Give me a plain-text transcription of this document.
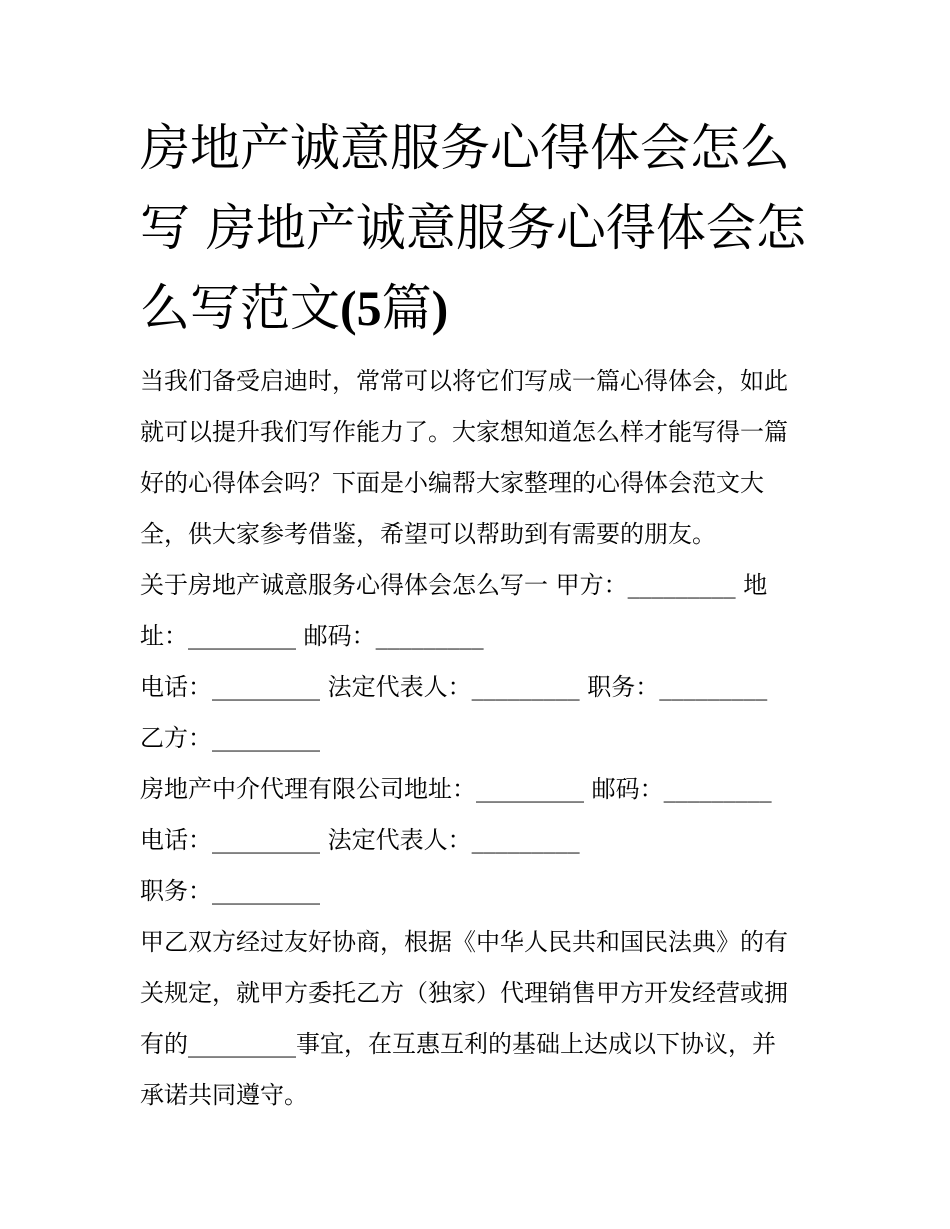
房地产诚意服务心得体会怎么
写 房地产诚意服务心得体会怎
么写范文(5篇)
当我们备受启迪时，常常可以将它们写成一篇心得体会，如此
就可以提升我们写作能力了。大家想知道怎么样才能写得一篇
好的心得体会吗？下面是小编帮大家整理的心得体会范文大
全，供大家参考借鉴，希望可以帮助到有需要的朋友。
关于房地产诚意服务心得体会怎么写一 甲方：_________ 地
址：_________ 邮码：_________
电话：_________ 法定代表人：_________ 职务：_________
乙方：_________
房地产中介代理有限公司地址：_________ 邮码：_________
电话：_________ 法定代表人：_________
职务：_________
甲乙双方经过友好协商，根据《中华人民共和国民法典》的有
关规定，就甲方委托乙方（独家）代理销售甲方开发经营或拥
有的_________事宜，在互惠互利的基础上达成以下协议，并
承诺共同遵守。
